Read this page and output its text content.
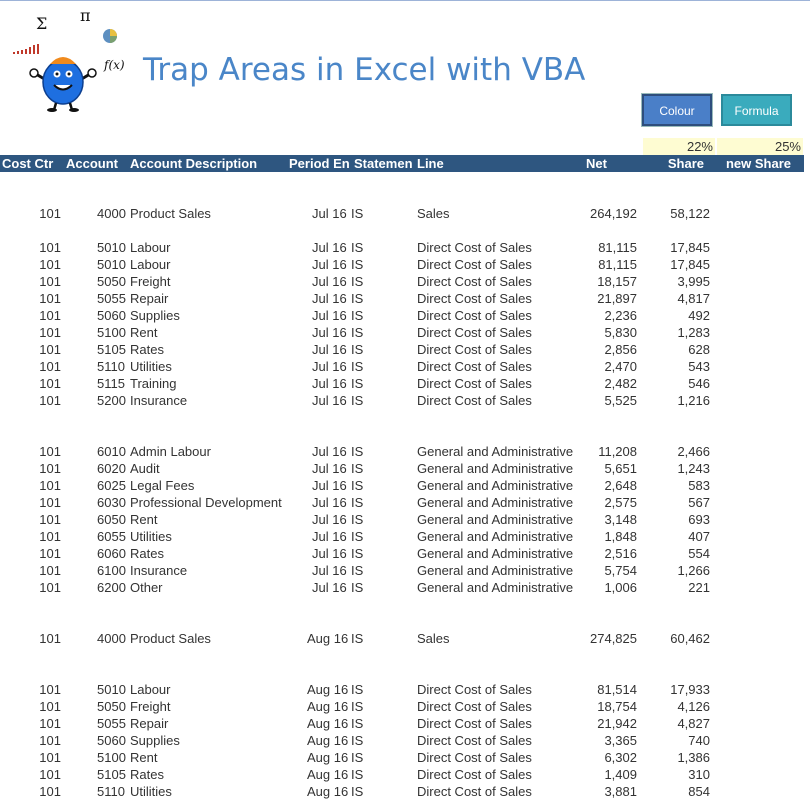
Σ π
f(x) Trap Areas in Excel with VBA
Colour	Formula
22%	25%
Cost Ctr Account Account Description Period En Statemen Line	Net	Share new Share
101	4000 Product Sales	Jul 16 IS	Sales	264,192	58,122
101	5010 Labour	Jul 16 IS	Direct Cost of Sales	81,115	17,845
101	5010 Labour	Jul 16 IS	Direct Cost of Sales	81,115	17,845
101	5050 Freight	Jul 16 IS	Direct Cost of Sales	18,157	3,995
101	5055 Repair	Jul 16 IS	Direct Cost of Sales	21,897	4,817
101	5060 Supplies	Jul 16 IS	Direct Cost of Sales	2,236	492
101	5100 Rent	Jul 16 IS	Direct Cost of Sales	5,830	1,283
101	5105 Rates	Jul 16 IS	Direct Cost of Sales	2,856	628
101	5110 Utilities	Jul 16 IS	Direct Cost of Sales	2,470	543
101	5115 Training	Jul 16 IS	Direct Cost of Sales	2,482	546
101	5200 Insurance	Jul 16 IS	Direct Cost of Sales	5,525	1,216
101	6010 Admin Labour	Jul 16 IS	General and Administrative 11,208	2,466
101	6020 Audit	Jul 16 IS	General and Administrative 5,651	1,243
101	6025 Legal Fees	Jul 16 IS	General and Administrative 2,648	583
101	6030 Professional Development Jul 16 IS	General and Administrative 2,575	567
101	6050 Rent	Jul 16 IS	General and Administrative 3,148	693
101	6055 Utilities	Jul 16 IS	General and Administrative 1,848	407
101	6060 Rates	Jul 16 IS	General and Administrative 2,516	554
101	6100 Insurance	Jul 16 IS	General and Administrative 5,754	1,266
101	6200 Other	Jul 16 IS	General and Administrative 1,006	221
101	4000 Product Sales	Aug 16 IS	Sales	274,825	60,462
101	5010 Labour	Aug 16 IS	Direct Cost of Sales	81,514	17,933
101	5050 Freight	Aug 16 IS	Direct Cost of Sales	18,754	4,126
101	5055 Repair	Aug 16 IS	Direct Cost of Sales	21,942	4,827
101	5060 Supplies	Aug 16 IS	Direct Cost of Sales	3,365	740
101	5100 Rent	Aug 16 IS	Direct Cost of Sales	6,302	1,386
101	5105 Rates	Aug 16 IS	Direct Cost of Sales	1,409	310
101	5110 Utilities	Aug 16 IS	Direct Cost of Sales	3,881	854
